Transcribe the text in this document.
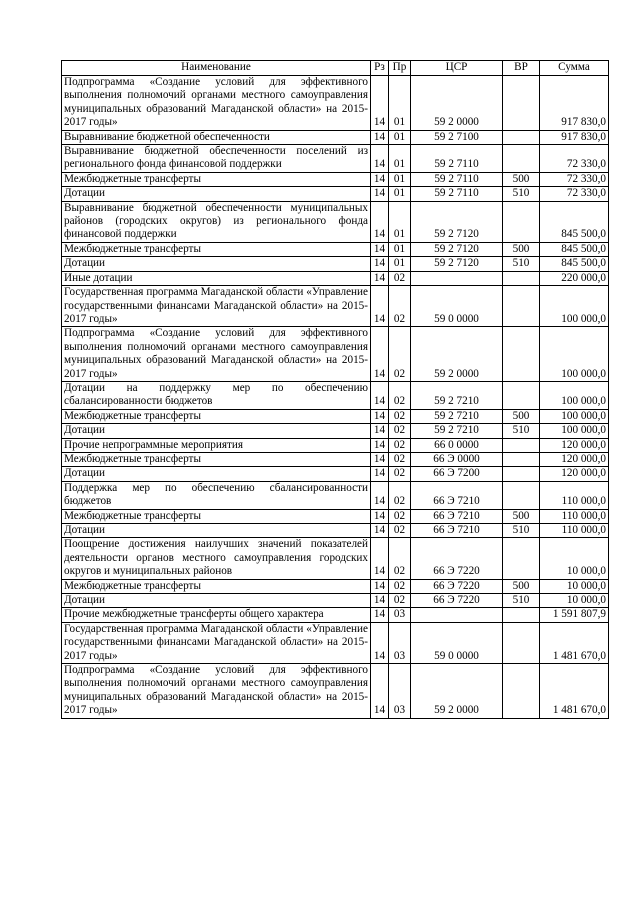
Наименование	Рз	Пр	ЦСР	ВР	Сумма
Подпрограмма «Создание условий для эффективного выполнения полномочий органами местного самоуправления муниципальных образований Магаданской области» на 2015-2017 годы»	14	01	59 2 0000		917 830,0
Выравнивание бюджетной обеспеченности	14	01	59 2 7100		917 830,0
Выравнивание бюджетной обеспеченности поселений из регионального фонда финансовой поддержки	14	01	59 2 7110		72 330,0
Межбюджетные трансферты	14	01	59 2 7110	500	72 330,0
Дотации	14	01	59 2 7110	510	72 330,0
Выравнивание бюджетной обеспеченности муниципальных районов (городских округов) из регионального фонда финансовой поддержки	14	01	59 2 7120		845 500,0
Межбюджетные трансферты	14	01	59 2 7120	500	845 500,0
Дотации	14	01	59 2 7120	510	845 500,0
Иные дотации	14	02			220 000,0
Государственная программа Магаданской области «Управление государственными финансами Магаданской области» на 2015-2017 годы»	14	02	59 0 0000		100 000,0
Подпрограмма «Создание условий для эффективного выполнения полномочий органами местного самоуправления муниципальных образований Магаданской области» на 2015-2017 годы»	14	02	59 2 0000		100 000,0
Дотации на поддержку мер по обеспечению сбалансированности бюджетов	14	02	59 2 7210		100 000,0
Межбюджетные трансферты	14	02	59 2 7210	500	100 000,0
Дотации	14	02	59 2 7210	510	100 000,0
Прочие непрограммные мероприятия	14	02	66 0 0000		120 000,0
Межбюджетные трансферты	14	02	66 Э 0000		120 000,0
Дотации	14	02	66 Э 7200		120 000,0
Поддержка мер по обеспечению сбалансированности бюджетов	14	02	66 Э 7210		110 000,0
Межбюджетные трансферты	14	02	66 Э 7210	500	110 000,0
Дотации	14	02	66 Э 7210	510	110 000,0
Поощрение достижения наилучших значений показателей деятельности органов местного самоуправления городских округов и муниципальных районов	14	02	66 Э 7220		10 000,0
Межбюджетные трансферты	14	02	66 Э 7220	500	10 000,0
Дотации	14	02	66 Э 7220	510	10 000,0
Прочие межбюджетные трансферты общего характера	14	03			1 591 807,9
Государственная программа Магаданской области «Управление государственными финансами Магаданской области» на 2015-2017 годы»	14	03	59 0 0000		1 481 670,0
Подпрограмма «Создание условий для эффективного выполнения полномочий органами местного самоуправления муниципальных образований Магаданской области» на 2015-2017 годы»	14	03	59 2 0000		1 481 670,0
